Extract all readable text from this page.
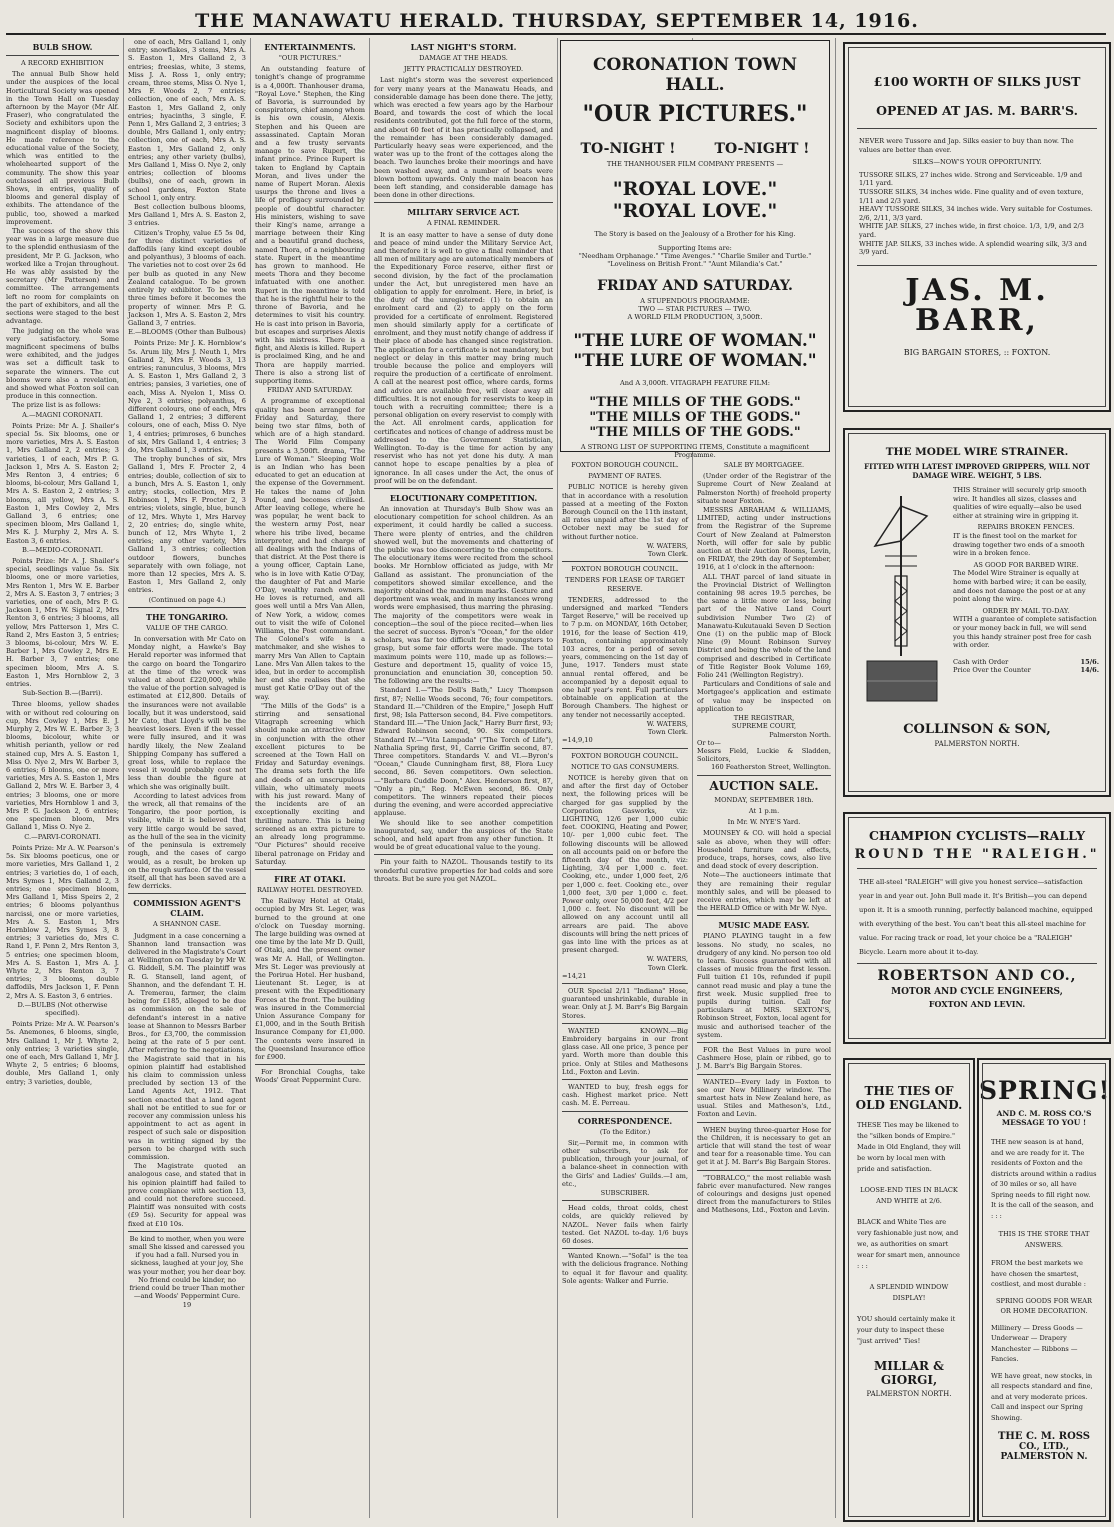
THE MANAWATU HERALD. THURSDAY, SEPTEMBER 14, 1916.
BULB SHOW.
A RECORD EXHIBITION

The annual Bulb Show held under the auspices of the local Horticultural Society was opened in the Town Hall on Tuesday afternoon by the Mayor (Mr Alf. Fraser), who congratulated the Society and exhibitors upon the magnificent display of blooms. He made reference to the educational value of the Society, which was entitled to the wholehearted support of the community. The show this year outclassed all previous Bulb Shows, in entries, quality of blooms and general display of exhibits. The attendance of the public, too, showed a marked improvement.

The success of the show this year was in a large measure due to the splendid enthusiasm of the president, Mr P. G. Jackson, who worked like a Trojan throughout. He was ably assisted by the secretary (Mr Patterson) and committee. The arrangements left no room for complaints on the part of exhibitors, and all the sections were staged to the best advantage.

The judging on the whole was very satisfactory. Some magnificent specimens of bulbs were exhibited, and the judges was set a difficult task to separate the winners. The cut blooms were also a revelation, and showed what Foxton soil can produce in this connection.

The prize list is as follows:

A.—MAGNI CORONATI.

Points Prize: Mr A. J. Shailer's special 5s. Six blooms, one or more varieties, Mrs A. S. Easton 1, Mrs Galland 2, 2 entries; 3 varieties, 1 of each, Mrs P. G. Jackson 1, Mrs A. S. Easton 2; Mrs Renton 3, 4 entries; 6 blooms, bi-colour, Mrs Galland 1, Mrs A. S. Easton 2, 2 entries; 3 blooms, all yellow, Mrs A. S. Easton 1, Mrs Cowley 2, Mrs Galland 3, 6 entries; one specimen bloom, Mrs Galland 1, Mrs K. J. Murphy 2, Mrs A. S. Easton 3, 6 entries.

B.—MEDIO-CORONATI.

Points Prize: Mr A. J. Shailer's special, seedlings value 5s. Six blooms, one or more varieties, Mrs Renton 1, Mrs W. E. Barber 2, Mrs A. S. Easton 3, 7 entries; 3 varieties, one of each, Mrs P. G. Jackson 1, Mrs W. Signal 2, Mrs Renton 3, 6 entries; 3 blooms, all yellow, Mrs Patterson 1, Mrs C. Rand 2, Mrs Easton 3, 5 entries; 3 blooms, bi-colour, Mrs W. E. Barber 1, Mrs Cowley 2, Mrs E. H. Barber 3, 7 entries; one specimen bloom, Mrs A. S. Easton 1, Mrs Hornblow 2, 3 entries.

Sub-Section B.—(Barri).

Three blooms, yellow shades with or without red colouring on cup, Mrs Cowley 1, Mrs E. J. Murphy 2, Mrs W. E. Barber 3; 3 blooms, bicolour, white or whitish perianth, yellow or red stained cup, Mrs A. S. Easton 1, Miss O. Nye 2, Mrs W. Barber 3, 6 entries; 6 blooms, one or more varieties, Mrs A. S. Easton 1, Mrs Galland 2, Mrs W. E. Barber 3, 4 entries; 3 blooms, one or more varieties, Mrs Hornblow 1 and 3, Mrs P. G. Jackson 2, 6 entries; one specimen bloom, Mrs Galland 1, Miss O. Nye 2.

C.—PARVI-CORONATI.

Points Prize: Mr A. W. Pearson's 5s. Six blooms poeticus, one or more varieties, Mrs Galland 1, 2 entries; 3 varieties do, 1 of each, Mrs Symes 1, Mrs Galland 2, 3 entries; one specimen bloom, Mrs Galland 1, Miss Speirs 2, 2 entries; 6 blooms polyanthus narcissi, one or more varieties, Mrs A. S. Easton 1, Mrs Hornblow 2, Mrs Symes 3, 8 entries; 3 varieties do, Mrs C. Rand 1, F. Penn 2, Mrs Renton 3, 5 entries; one specimen bloom, Mrs A. S. Easton 1, Mrs A. J. Whyte 2, Mrs Renton 3, 7 entries; 3 blooms, double daffodils, Mrs Jackson 1, F. Penn 2, Mrs A. S. Easton 3, 6 entries.

D.—BULBS (Not otherwise specified).

Points Prize: Mr A. W. Pearson's 5s. Anemones, 6 blooms, single, Mrs Galland 1, Mr J. Whyte 2, only entries; 3 varieties single, one of each, Mrs Galland 1, Mr J. Whyte 2, 5 entries; 6 blooms, double, Mrs Galland 1, only entry; 3 varieties, double,

one of each, Mrs Galland 1, only entry; snowflakes, 3 stems, Mrs A. S. Easton 1, Mrs Galland 2, 3 entries; freesias, white, 3 stems, Miss J. A. Ross 1, only entry; cream, three stems, Miss O. Nye 1, Mrs F. Woods 2, 7 entries; collection, one of each, Mrs A. S. Easton 1, Mrs Galland 2, only entries; hyacinths, 3 single, F. Penn 1, Mrs Galland 2, 3 entries; 3 double, Mrs Galland 1, only entry; collection, one of each, Mrs A. S. Easton 1, Mrs Galland 2, only entries; any other variety (bulbs), Mrs Galland 1, Miss O. Nye 2, only entries; collection of blooms (bulbs), one of each, grown in school gardens, Foxton State School 1, only entry.

Best collection bulbous blooms, Mrs Galland 1, Mrs A. S. Easton 2, 3 entries.

Citizen's Trophy, value £5 5s 0d, for three distinct varieties of daffodils (any kind except double and polyanthus), 3 blooms of each. The varieties not to cost over 2s 6d per bulb as quoted in any New Zealand catalogue. To be grown entirely by exhibitor. To be won three times before it becomes the property of winner. Mrs P. G. Jackson 1, Mrs A. S. Easton 2, Mrs Galland 3, 7 entries.

E.—BLOOMS (Other than Bulbous)

Points Prize: Mr J. K. Hornblow's 5s. Arum lily, Mrs J. Neuth 1, Mrs Galland 2, Mrs F. Woods 3, 13 entries; ranunculus, 3 blooms, Mrs A. S. Easton 1, Mrs Galland 2, 3 entries; pansies, 3 varieties, one of each, Miss A. Nyelon 1, Miss O. Nye 2, 3 entries; polyanthus, 6 different colours, one of each, Mrs Galland 1, 2 entries; 3 different colours, one of each, Miss O. Nye 1, 4 entries; primroses, 6 bunches of six, Mrs Galland 1, 4 entries; 3 do, Mrs Galland 1, 3 entries.

The trophy bunches of six, Mrs Galland 1, Mrs F. Procter 2, 4 entries; double, collection of six to a bunch, Mrs A. S. Easton 1, only entry; stocks, collection, Mrs P. Robinson 1, Mrs F. Procter 2, 3 entries; violets, single, blue, bunch of 12, Mrs. Whyte 1, Mrs Harvey 2, 20 entries; do, single white, bunch of 12, Mrs Whyte 1, 2 entries; any other variety, Mrs Galland 1, 3 entries; collection outdoor flowers, bunches separately with own foliage, not more than 12 species, Mrs A. S. Easton 1, Mrs Galland 2, only entries.

(Continued on page 4.)
THE TONGARIRO.
VALUE OF THE CARGO.

In conversation with Mr Cato on Monday night, a Hawke's Bay Herald reporter was informed that the cargo on board the Tongariro at the time of the wreck was valued at about £220,000, while the value of the portion salvaged is estimated at £12,800. Details of the insurances were not available locally, but it was understood, said Mr Cato, that Lloyd's will be the heaviest losers. Even if the vessel were fully insured, and it was hardly likely, the New Zealand Shipping Company has suffered a great loss, while to replace the vessel it would probably cost not less than double the figure at which she was originally built.

According to latest advices from the wreck, all that remains of the Tongariro, the poor portion, is visible, while it is believed that very little cargo would be saved, as the hull of the sea in the vicinity of the peninsula is extremely rough, and the cases of cargo would, as a result, be broken up on the rough surface. Of the vessel itself, all that has been saved are a few derricks.

COMMISSION AGENT'S CLAIM.
A SHANNON CASE.

Judgment in a case concerning a Shannon land transaction was delivered in the Magistrate's Court at Wellington on Tuesday by Mr W. G. Riddell, S.M. The plaintiff was R. G. Stansell, land agent, of Shannon, and the defendant T. H. A. Tremerau, farmer, the claim being for £185, alleged to be due as commission on the sale of defendant's interest in a native lease at Shannon to Messrs Barber Bros., for £3,700, the commission being at the rate of 5 per cent. After referring to the negotiations, the Magistrate said that in his opinion plaintiff had established his claim to commission unless precluded by section 13 of the Land Agents Act, 1912. That section enacted that a land agent shall not be entitled to sue for or recover any commission unless his appointment to act as agent in respect of such sale or disposition was in writing signed by the person to be charged with such commission.

The Magistrate quoted an analogous case, and stated that in his opinion plaintiff had failed to prove compliance with section 13, and could not therefore succeed. Plaintiff was nonsuited with costs (£9 5s). Security for appeal was fixed at £10 10s.

Be kind to mother, when you were small She kissed and caressed you if you had a fall. Nursed you in sickness, laughed at your joy, She was your mother, you her dear boy. No friend could be kinder, no friend could be truer Than mother—and Woods' Peppermint Cure.

19
ENTERTAINMENTS.
"OUR PICTURES."

An outstanding feature of tonight's change of programme is a 4,000ft. Thanhouser drama, "Royal Love." Stephen, the King of Bavoria, is surrounded by conspirators, chief among whom is his own cousin, Alexis. Stephen and his Queen are assassinated. Captain Moran and a few trusty servants manage to save Rupert, the infant prince. Prince Rupert is taken to England by Captain Moran, and lives under the name of Rupert Moran. Alexis usurps the throne and lives a life of profligacy surrounded by people of doubtful character. His ministers, wishing to save their King's name, arrange a marriage between their King and a beautiful grand duchess, named Thora, of a neighbouring state. Rupert in the meantime has grown to manhood. He meets Thora and they become infatuated with one another. Rupert in the meantime is told that he is the rightful heir to the throne of Bavoria, and he determines to visit his country. He is cast into prison in Bavoria, but escapes and surprises Alexis with his mistress. There is a fight, and Alexis is killed. Rupert is proclaimed King, and he and Thora are happily married. There is also a strong list of supporting items.

FRIDAY AND SATURDAY.

A programme of exceptional quality has been arranged for Friday and Saturday, there being two star films, both of which are of a high standard. The World Film Company presents a 3,500ft. drama, "The Lure of Woman." Sleeping Wolf is an Indian who has been educated to get an education at the expense of the Government. He takes the name of John Pound, and becomes civilised. After leaving college, where he was popular, he went back to the western army Post, near where his tribe lived, became interpreter, and had charge of all dealings with the Indians of that district. At the Post there is a young officer, Captain Lane, who is in love with Katie O'Day, the daughter of Pat and Marie O'Day, wealthy ranch owners. He loves is returned, and all goes well until a Mrs Van Allen, of New York, a widow, comes out to visit the wife of Colonel Williams, the Post commandant. The Colonel's wife is a matchmaker, and she wishes to marry Mrs Van Allen to Captain Lane. Mrs Van Allen takes to the idea, but in order to accomplish her end she realises that she must get Katie O'Day out of the way.

"The Mills of the Gods" is a stirring and sensational Vitagraph screening which should make an attractive draw in conjunction with the other excellent pictures to be screened at the Town Hall on Friday and Saturday evenings. The drama sets forth the life and deeds of an unscrupulous villain, who ultimately meets with his just reward. Many of the incidents are of an exceptionally exciting and thrilling nature. This is being screened as an extra picture to an already long programme. "Our Pictures" should receive liberal patronage on Friday and Saturday.

FIRE AT OTAKI.
RAILWAY HOTEL DESTROYED.

The Railway Hotel at Otaki, occupied by Mrs St. Leger, was burned to the ground at one o'clock on Tuesday morning. The large building was owned at one time by the late Mr D. Quill, of Otaki, and the present owner was Mr A. Hall, of Wellington. Mrs St. Leger was previously at the Porirua Hotel. Her husband, Lieutenant St. Leger, is at present with the Expeditionary Forces at the front. The building was insured in the Commercial Union Assurance Company for £1,000, and in the South British Insurance Company for £1,000. The contents were insured in the Queensland Insurance office for £900.

For Bronchial Coughs, take Woods' Great Peppermint Cure.

LAST NIGHT'S STORM.
DAMAGE AT THE HEADS.
JETTY PRACTICALLY DESTROYED.

Last night's storm was the severest experienced for very many years at the Manawatu Heads, and considerable damage has been done there. The jetty, which was erected a few years ago by the Harbour Board, and towards the cost of which the local residents contributed, got the full force of the storm, and about 60 feet of it has practically collapsed, and the remainder has been considerably damaged. Particularly heavy seas were experienced, and the water was up to the front of the cottages along the beach. Two launches broke their moorings and have been washed away, and a number of boats were blown bottom upwards. Only the main beacon has been left standing, and considerable damage has been done in other directions.

MILITARY SERVICE ACT.
A FINAL REMINDER.

It is an easy matter to have a sense of duty done and peace of mind under the Military Service Act, and therefore it is well to give a final reminder that all men of military age are automatically members of the Expeditionary Force reserve, either first or second division, by the fact of the proclamation under the Act, but unregistered men have an obligation to apply for enrolment. Here, in brief, is the duty of the unregistered: (1) to obtain an enrolment card and (2) to apply on the form provided for a certificate of enrolment. Registered men should similarly apply for a certificate of enrolment, and they must notify change of address if their place of abode has changed since registration. The application for a certificate is not mandatory, but neglect or delay in this matter may bring much trouble because the police and employers will require the production of a certificate of enrolment. A call at the nearest post office, where cards, forms and advice are available free, will clear away all difficulties. It is not enough for reservists to keep in touch with a recruiting committee; there is a personal obligation on every reservist to comply with the Act. All enrolment cards, application for certificates and notices of change of address must be addressed to the Government Statistician, Wellington. To-day is the time for action by any reservist who has not yet done his duty. A man cannot hope to escape penalties by a plea of ignorance. In all cases under the Act, the onus of proof will be on the defendant.

ELOCUTIONARY COMPETITION.

An innovation at Thursday's Bulb Show was an elocutionary competition for school children. As an experiment, it could hardly be called a success. There were plenty of entries, and the children showed well, but the movements and chattering of the public was too disconcerting to the competitors. The elocutionary items were recited from the school books. Mr Hornblow officiated as judge, with Mr Galland as assistant. The pronunciation of the competitors showed similar excellence, and the majority obtained the maximum marks. Gesture and deportment was weak, and in many instances wrong words were emphasised, thus marring the phrasing. The majority of the competitors were weak in conception—the soul of the piece recited—when lies the secret of success. Byron's "Ocean," for the older scholars, was far too difficult for the youngsters to grasp, but some fair efforts were made. The total maximum points were 110, made up as follows:—Gesture and deportment 15, quality of voice 15, pronunciation and enunciation 30, conception 50. The following are the results:—

Standard I.—"The Doll's Bath," Lucy Thompson first, 87; Nellie Woods second, 76; four competitors. Standard II.—"Children of the Empire," Joseph Huff first, 98; Isla Patterson second, 84. Five competitors. Standard III.—"The Union Jack," Harry Burr first, 93; Edward Robinson second, 90. Six competitors. Standard IV.—"Vita Lampada" ("The Torch of Life"), Nathalia Spring first, 91, Carrie Griffin second, 87. Three competitors. Standards V. and VI.—Byron's "Ocean," Claude Cunningham first, 88, Flora Lucy second, 86. Seven competitors. Own selection.—"Barbara Cuddle Doon," Alex. Henderson first, 87, "Only a pin," Reg. McEwen second, 86. Only competitors. The winners repeated their pieces during the evening, and were accorded appreciative applause.

We should like to see another competition inaugurated, say, under the auspices of the State school, and held apart from any other function. It would be of great educational value to the young.

Pin your faith to NAZOL. Thousands testify to its wonderful curative properties for bad colds and sore throats. But be sure you get NAZOL.

CORONATION TOWN HALL.
"OUR PICTURES."
TO-NIGHT !	TO-NIGHT !
THE THANHOUSER FILM COMPANY PRESENTS —
"ROYAL LOVE."
"ROYAL LOVE."
The Story is based on the Jealousy of a Brother for his King.
Supporting Items are:
"Needham Orphanage." "Time Avenges." "Charlie Smiler and Turtle." "Loveliness on British Front." "Aunt Milandia's Cat."
FRIDAY AND SATURDAY.
A STUPENDOUS PROGRAMME:
TWO — STAR PICTURES — TWO.
A WORLD FILM PRODUCTION, 3,500ft.
"THE LURE OF WOMAN."
"THE LURE OF WOMAN."
And A 3,000ft. VITAGRAPH FEATURE FILM:
"THE MILLS OF THE GODS."
"THE MILLS OF THE GODS."
"THE MILLS OF THE GODS."
A STRONG LIST OF SUPPORTING ITEMS, Constitute a magnificent Programme.
FOXTON BOROUGH COUNCIL.
PAYMENT OF RATES.

PUBLIC NOTICE is hereby given that in accordance with a resolution passed at a meeting of the Foxton Borough Council on the 11th instant, all rates unpaid after the 1st day of October next may be sued for without further notice.

W. WATERS,
Town Clerk.
FOXTON BOROUGH COUNCIL.
TENDERS FOR LEASE OF TARGET RESERVE.

TENDERS, addressed to the undersigned and marked "Tenders Target Reserve," will be received up to 7 p.m. on MONDAY, 16th October, 1916, for the lease of Section 419, Foxton, containing approximately 103 acres, for a period of seven years, commencing on the 1st day of June, 1917. Tenders must state annual rental offered, and be accompanied by a deposit equal to one half year's rent. Full particulars obtainable on application at the Borough Chambers. The highest or any tender not necessarily accepted.

W. WATERS,
Town Clerk.
=14,9,10
FOXTON BOROUGH COUNCIL.
NOTICE TO GAS CONSUMERS.

NOTICE is hereby given that on and after the first day of October next, the following prices will be charged for gas supplied by the Corporation Gasworks, viz: LIGHTING, 12/6 per 1,000 cubic feet. COOKING, Heating and Power, 10/- per 1,000 cubic feet. The following discounts will be allowed on all accounts paid on or before the fifteenth day of the month, viz: Lighting, 3/4 per 1,000 c. feet. Cooking, etc., under 1,000 feet, 2/6 per 1,000 c. feet. Cooking etc., over 1,000 feet, 3/0 per 1,000 c. feet. Power only, over 50,000 feet, 4/2 per 1,000 c. feet. No discount will be allowed on any account until all arrears are paid. The above discounts will bring the nett prices of gas into line with the prices as at present charged.

W. WATERS,
Town Clerk.
=14,21

OUR Special 2/11 "Indiana" Hose, guaranteed unshrinkable, durable in wear. Only at J. M. Barr's Big Bargain Stores.

WANTED KNOWN.—Big Embroidery bargains in our front glass case. All one price, 3 pence per yard. Worth more than double this price. Only at Stiles and Mathesons Ltd., Foxton and Levin.

WANTED to buy, fresh eggs for cash. Highest market price. Nett cash. M. E. Perreau.

CORRESPONDENCE.
(To the Editor.)

Sir,—Permit me, in common with other subscribers, to ask for publication, through your journal, of a balance-sheet in connection with the Girls' and Ladies' Guilds.—I am, etc.,

SUBSCRIBER.

Head colds, throat colds, chest colds, are quickly relieved by NAZOL. Never fails when fairly tested. Get NAZOL to-day. 1/6 buys 60 doses.

Wanted Known.—"Sofal" is the tea with the delicious fragrance. Nothing to equal it for flavour and quality. Sole agents: Walker and Furrie.

SALE BY MORTGAGEE.

(Under order of the Registrar of the Supreme Court of New Zealand at Palmerston North) of freehold property situate near Foxton.

MESSRS ABRAHAM & WILLIAMS, LIMITED, acting under instructions from the Registrar of the Supreme Court of New Zealand at Palmerston North, will offer for sale by public auction at their Auction Rooms, Levin, on FRIDAY, the 29th day of September, 1916, at 1 o'clock in the afternoon:

ALL THAT parcel of land situate in the Provincial District of Wellington containing 98 acres 19.5 perches, be the same a little more or less, being part of the Native Land Court subdivision Number Two (2) of Manawatu-Kukutauaki Seven D Section One (1) on the public map of Block Nine (9) Mount Robinson Survey District and being the whole of the land comprised and described in Certificate of Title Register Book Volume 169, Folio 241 (Wellington Registry).

Particulars and Conditions of sale and Mortgagee's application and estimate of value may be inspected on application to

THE REGISTRAR,
SUPREME COURT,
Palmerston North.
Or to—
Messrs Field, Luckie & Sladden, Solicitors,
160 Featherston Street, Wellington.
AUCTION SALE.
MONDAY, SEPTEMBER 18th.
At 1 p.m.
In Mr. W. NYE'S Yard.

MOUNSEY & CO. will hold a special sale as above, when they will offer: Household furniture and effects, produce, traps, horses, cows, also live and dead stock of every description.

Note—The auctioneers intimate that they are remaining their regular monthly sales, and will be pleased to receive entries, which may be left at the HERALD Office or with Mr W. Nye.

MUSIC MADE EASY.

PIANO PLAYING taught in a few lessons. No study, no scales, no drudgery of any kind. No person too old to learn. Success guaranteed with all classes of music from the first lesson. Full tuition £1 10s, refunded if pupil cannot read music and play a tune the first week. Music supplied free to pupils during tuition. Call for particulars at MRS. SEXTON'S, Robinson Street, Foxton, local agent for music and authorised teacher of the system.

FOR the Best Values in pure wool Cashmere Hose, plain or ribbed, go to J. M. Barr's Big Bargain Stores.

WANTED—Every lady in Foxton to see our New Millinery window. The smartest hats in New Zealand here, as usual. Stiles and Matheson's, Ltd., Foxton and Levin.

WHEN buying three-quarter Hose for the Children, it is necessary to get an article that will stand the test of wear and tear for a reasonable time. You can get it at J. M. Barr's Big Bargain Stores.

"TOBRALCO," the most reliable wash fabric ever manufactured. New ranges of colourings and designs just opened direct from the manufacturers to Stiles and Mathesons, Ltd., Foxton and Levin.

£100 WORTH OF SILKS JUST
OPENED AT JAS. M. BARR'S.
NEVER were Tussore and Jap. Silks easier to buy than now. The values are better than ever.
SILKS—NOW'S YOUR OPPORTUNITY.
TUSSORE SILKS, 27 inches wide. Strong and Serviceable. 1/9 and 1/11 yard.
TUSSORE SILKS, 34 inches wide. Fine quality and of even texture, 1/11 and 2/3 yard.
HEAVY TUSSORE SILKS, 34 inches wide. Very suitable for Costumes. 2/6, 2/11, 3/3 yard.
WHITE JAP. SILKS, 27 inches wide, in first choice. 1/3, 1/9, and 2/3 yard.
WHITE JAP. SILKS, 33 inches wide. A splendid wearing silk, 3/3 and 3/9 yard.
JAS. M. BARR,
BIG BARGAIN STORES, :: FOXTON.
THE MODEL WIRE STRAINER.
FITTED WITH LATEST IMPROVED GRIPPERS, WILL NOT DAMAGE WIRE. WEIGHT, 5 LBS.
THIS Strainer will securely grip smooth wire. It handles all sizes, classes and qualities of wire equally—also be used either at straining wire in gripping it.
REPAIRS BROKEN FENCES.
IT is the finest tool on the market for drawing together two ends of a smooth wire in a broken fence.
AS GOOD FOR BARBED WIRE.
The Model Wire Strainer is equally at home with barbed wire; it can be easily, and does not damage the post or at any point along the wire.
ORDER BY MAIL TO-DAY.
WITH a guarantee of complete satisfaction or your money back in full, we will send you this handy strainer post free for cash with order.
Cash with Order	15/6.
Price Over the Counter	14/6.
COLLINSON & SON,
PALMERSTON NORTH.
CHAMPION CYCLISTS—RALLY
ROUND THE "RALEIGH."
THE all-steel "RALEIGH" will give you honest service—satisfaction year in and year out. John Bull made it. It's British—you can depend upon it. It is a smooth running, perfectly balanced machine, equipped with everything of the best. You can't beat this all-steel machine for value. For racing track or road, let your choice be a "RALEIGH" Bicycle. Learn more about it to-day.
ROBERTSON AND CO.,
MOTOR AND CYCLE ENGINEERS,
FOXTON AND LEVIN.
THE TIES OF
OLD ENGLAND.
THESE Ties may be likened to the "silken bonds of Empire." Made in Old England, they will be worn by local men with pride and satisfaction.
LOOSE-END TIES IN BLACK AND WHITE at 2/6.
BLACK and White Ties are very fashionable just now, and we, as authorities on smart wear for smart men, announce : : :
A SPLENDID WINDOW DISPLAY!
YOU should certainly make it your duty to inspect these "just arrived" Ties!
MILLAR &
GIORGI,
PALMERSTON NORTH.
SPRING!
AND C. M. ROSS CO.'S MESSAGE TO YOU !
THE new season is at hand, and we are ready for it. The residents of Foxton and the districts around within a radius of 30 miles or so, all have Spring needs to fill right now. It is the call of the season, and : : :
THIS IS THE STORE THAT ANSWERS.
FROM the best markets we have chosen the smartest, costliest, and most durable :
SPRING GOODS FOR WEAR OR HOME DECORATION.
Millinery — Dress Goods — Underwear — Drapery Manchester — Ribbons — Fancies.
WE have great, new stocks, in all respects standard and fine, and at very moderate prices. Call and inspect our Spring Showing.
THE C. M. ROSS
CO., LTD.,
PALMERSTON N.
